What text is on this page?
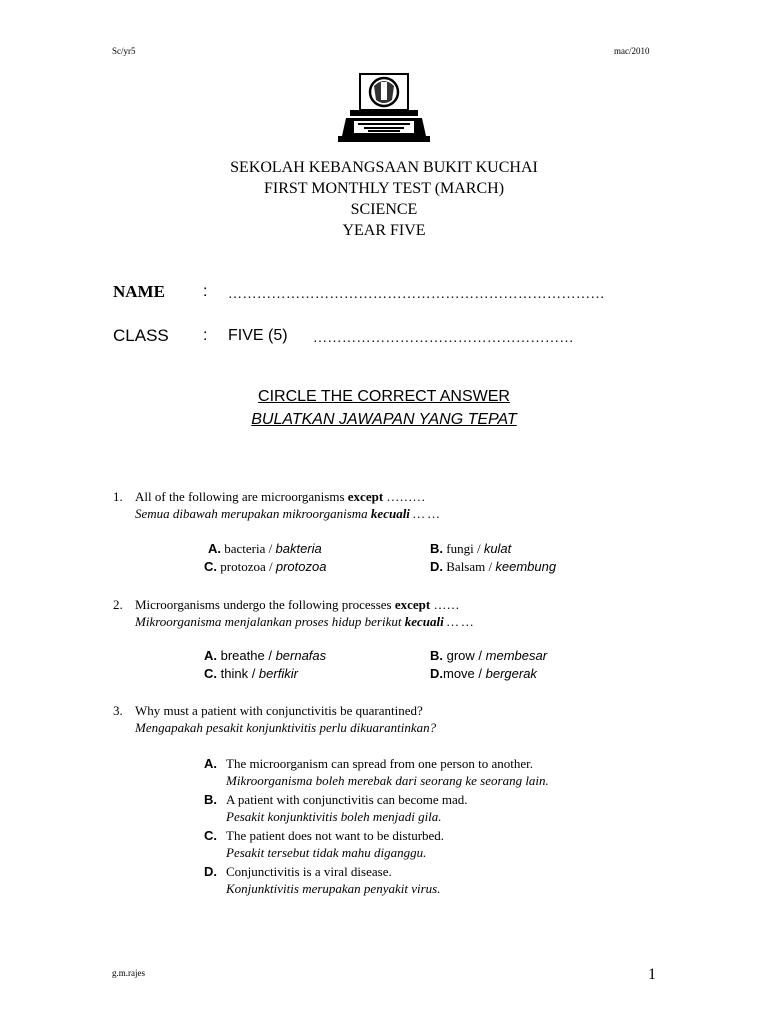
Sc/yr5	mac/2010
SEKOLAH KEBANGSAAN BUKIT KUCHAI
FIRST MONTHLY TEST (MARCH)
SCIENCE
YEAR FIVE
NAME : ……………………………………………………………………
CLASS : FIVE (5) ………………………………………………
CIRCLE THE CORRECT ANSWER
BULATKAN JAWAPAN YANG TEPAT
1. All of the following are microorganisms except ………
Semua dibawah merupakan mikroorganisma kecuali … …
A. bacteria / bakteria	B. fungi / kulat
C. protozoa / protozoa	D. Balsam / keembung
2. Microorganisms undergo the following processes except ……
Mikroorganisma menjalankan proses hidup berikut kecuali … …
A. breathe / bernafas	B. grow / membesar
C. think / berfikir	D.move / bergerak
3. Why must a patient with conjunctivitis be quarantined?
Mengapakah pesakit konjunktivitis perlu dikuarantinkan?
A. The microorganism can spread from one person to another.
Mikroorganisma boleh merebak dari seorang ke seorang lain.
B. A patient with conjunctivitis can become mad.
Pesakit konjunktivitis boleh menjadi gila.
C. The patient does not want to be disturbed.
Pesakit tersebut tidak mahu diganggu.
D. Conjunctivitis is a viral disease.
Konjunktivitis merupakan penyakit virus.
g.m.rajes	1
